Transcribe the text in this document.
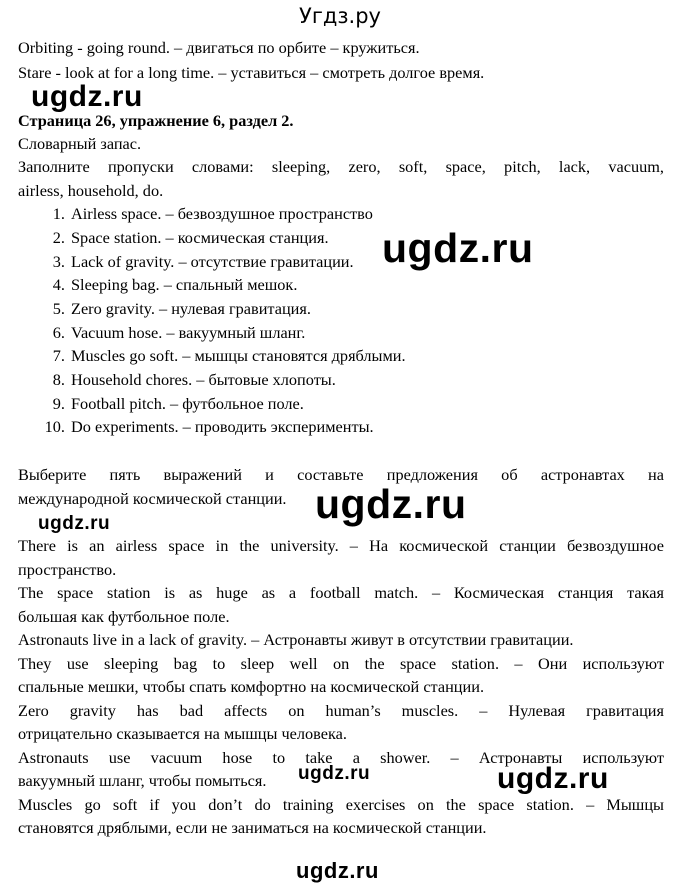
Угдз.ру
Orbiting - going round. – двигаться по орбите – кружиться.
Stare - look at for a long time. – уставиться – смотреть долгое время.
ugdz.ru
Страница 26, упражнение 6, раздел 2.
Словарный запас.
Заполните пропуски словами: sleeping, zero, soft, space, pitch, lack, vacuum,
airless, household, do.
1. Airless space. – безвоздушное пространство
2. Space station. – космическая станция.
3. Lack of gravity. – отсутствие гравитации.
4. Sleeping bag. – спальный мешок.
5. Zero gravity. – нулевая гравитация.
6. Vacuum hose. – вакуумный шланг.
7. Muscles go soft. – мышцы становятся дряблыми.
8. Household chores. – бытовые хлопоты.
9. Football pitch. – футбольное поле.
10. Do experiments. – проводить эксперименты.
ugdz.ru
Выберите пять выражений и составьте предложения об астронавтах на
международной космической станции. ugdz.ru
ugdz.ru
There is an airless space in the university. – На космической станции безвоздушное
пространство.
The space station is as huge as a football match. – Космическая станция такая
большая как футбольное поле.
Astronauts live in a lack of gravity. – Астронавты живут в отсутствии гравитации.
They use sleeping bag to sleep well on the space station. – Они используют
спальные мешки, чтобы спать комфортно на космической станции.
Zero gravity has bad affects on human’s muscles. – Нулевая гравитация
отрицательно сказывается на мышцы человека.
Astronauts use vacuum hose to take a shower. – Астронавты используют
вакуумный шланг, чтобы помыться.
Muscles go soft if you don’t do training exercises on the space station. – Мышцы
становятся дряблыми, если не заниматься на космической станции.
ugdz.ru	ugdz.ru
ugdz.ru
